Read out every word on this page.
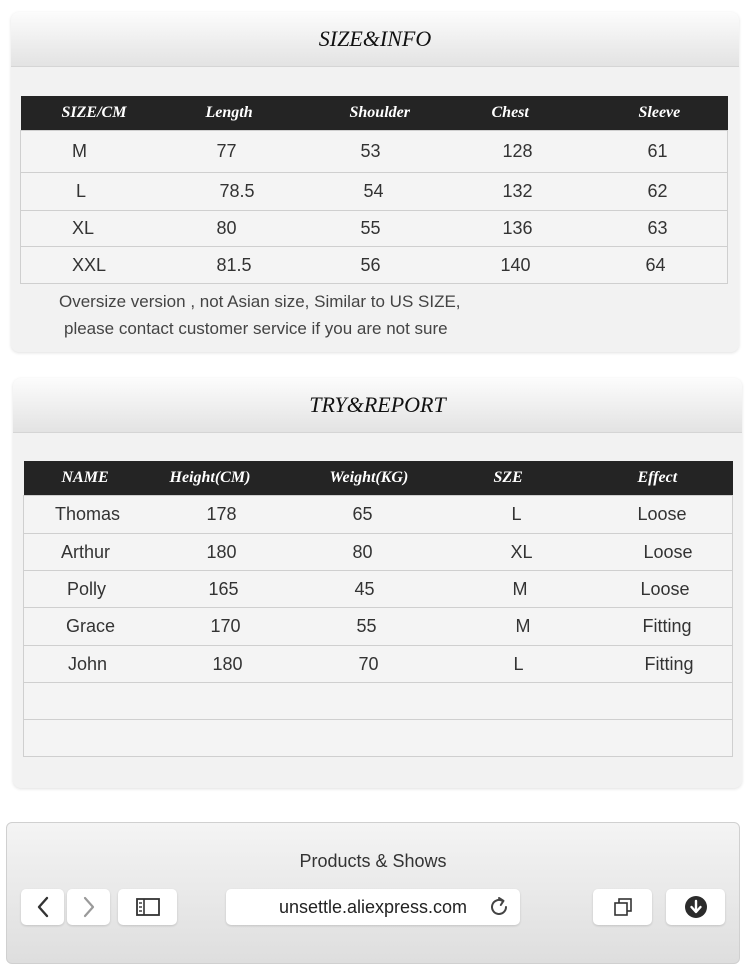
SIZE&INFO
SIZE/CM	Length	Shoulder	Chest	Sleeve
M	77	53	128	61
L	78.5	54	132	62
XL	80	55	136	63
XXL	81.5	56	140	64
Oversize version , not Asian size, Similar to US SIZE,
please contact customer service if you are not sure
TRY&REPORT
NAME	Height(CM)	Weight(KG)	SZE	Effect
Thomas	178	65	L	Loose
Arthur	180	80	XL	Loose
Polly	165	45	M	Loose
Grace	170	55	M	Fitting
John	180	70	L	Fitting

Products & Shows
unsettle.aliexpress.com
